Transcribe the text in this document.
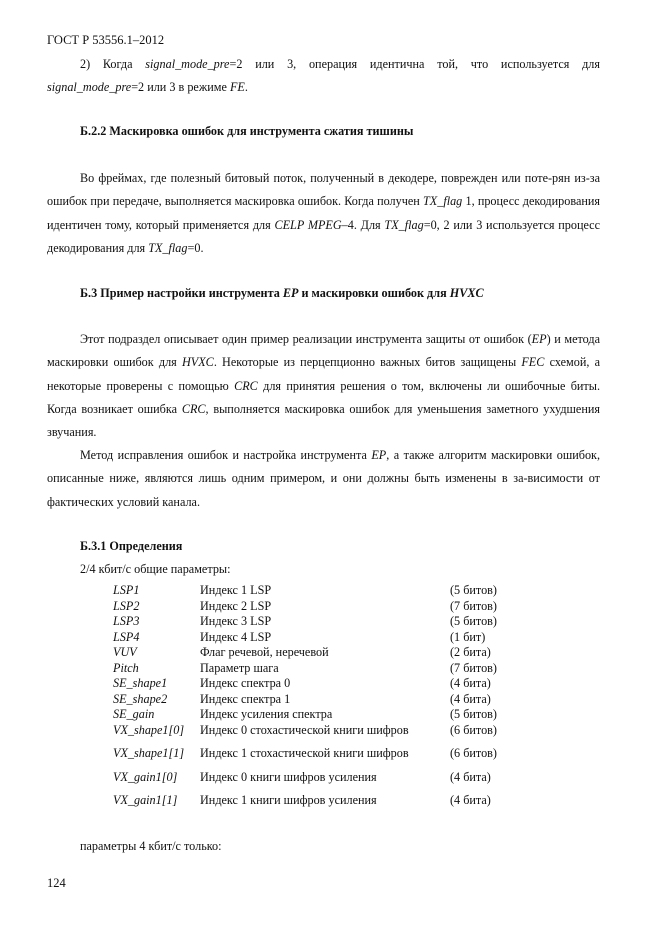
ГОСТ Р 53556.1–2012

2) Когда signal_mode_pre=2 или 3, операция идентична той, что используется для signal_mode_pre=2 или 3 в режиме FE.

Б.2.2 Маскировка ошибок для инструмента сжатия тишины

Во фреймах, где полезный битовый поток, полученный в декодере, поврежден или поте-рян из-за ошибок при передаче, выполняется маскировка ошибок. Когда получен TX_flag 1, процесс декодирования идентичен тому, который применяется для CELP MPEG–4. Для TX_flag=0, 2 или 3 используется процесс декодирования для TX_flag=0.

Б.3 Пример настройки инструмента EP и маскировки ошибок для HVXC

Этот подраздел описывает один пример реализации инструмента защиты от ошибок (EP) и метода маскировки ошибок для HVXC. Некоторые из перцепционно важных битов защищены FEC схемой, а некоторые проверены с помощью CRC для принятия решения о том, включены ли ошибочные биты. Когда возникает ошибка CRC, выполняется маскировка ошибок для уменьшения заметного ухудшения звучания.

Метод исправления ошибок и настройка инструмента EP, а также алгоритм маскировки ошибок, описанные ниже, являются лишь одним примером, и они должны быть изменены в за-висимости от фактических условий канала.

Б.3.1 Определения
2/4 кбит/с общие параметры:
LSP1	Индекс 1 LSP	(5 битов)
LSP2	Индекс 2 LSP	(7 битов)
LSP3	Индекс 3 LSP	(5 битов)
LSP4	Индекс 4 LSP	(1 бит)
VUV	Флаг речевой, неречевой	(2 бита)
Pitch	Параметр шага	(7 битов)
SE_shape1	Индекс спектра 0	(4 бита)
SE_shape2	Индекс спектра 1	(4 бита)
SE_gain	Индекс усиления спектра	(5 битов)
VX_shape1[0] Индекс 0 стохастической книги шифров	(6 битов)
VX_shape1[1] Индекс 1 стохастической книги шифров	(6 битов)
VX_gain1[0] Индекс 0 книги шифров усиления	(4 бита)
VX_gain1[1] Индекс 1 книги шифров усиления	(4 бита)
параметры 4 кбит/с только:
124
